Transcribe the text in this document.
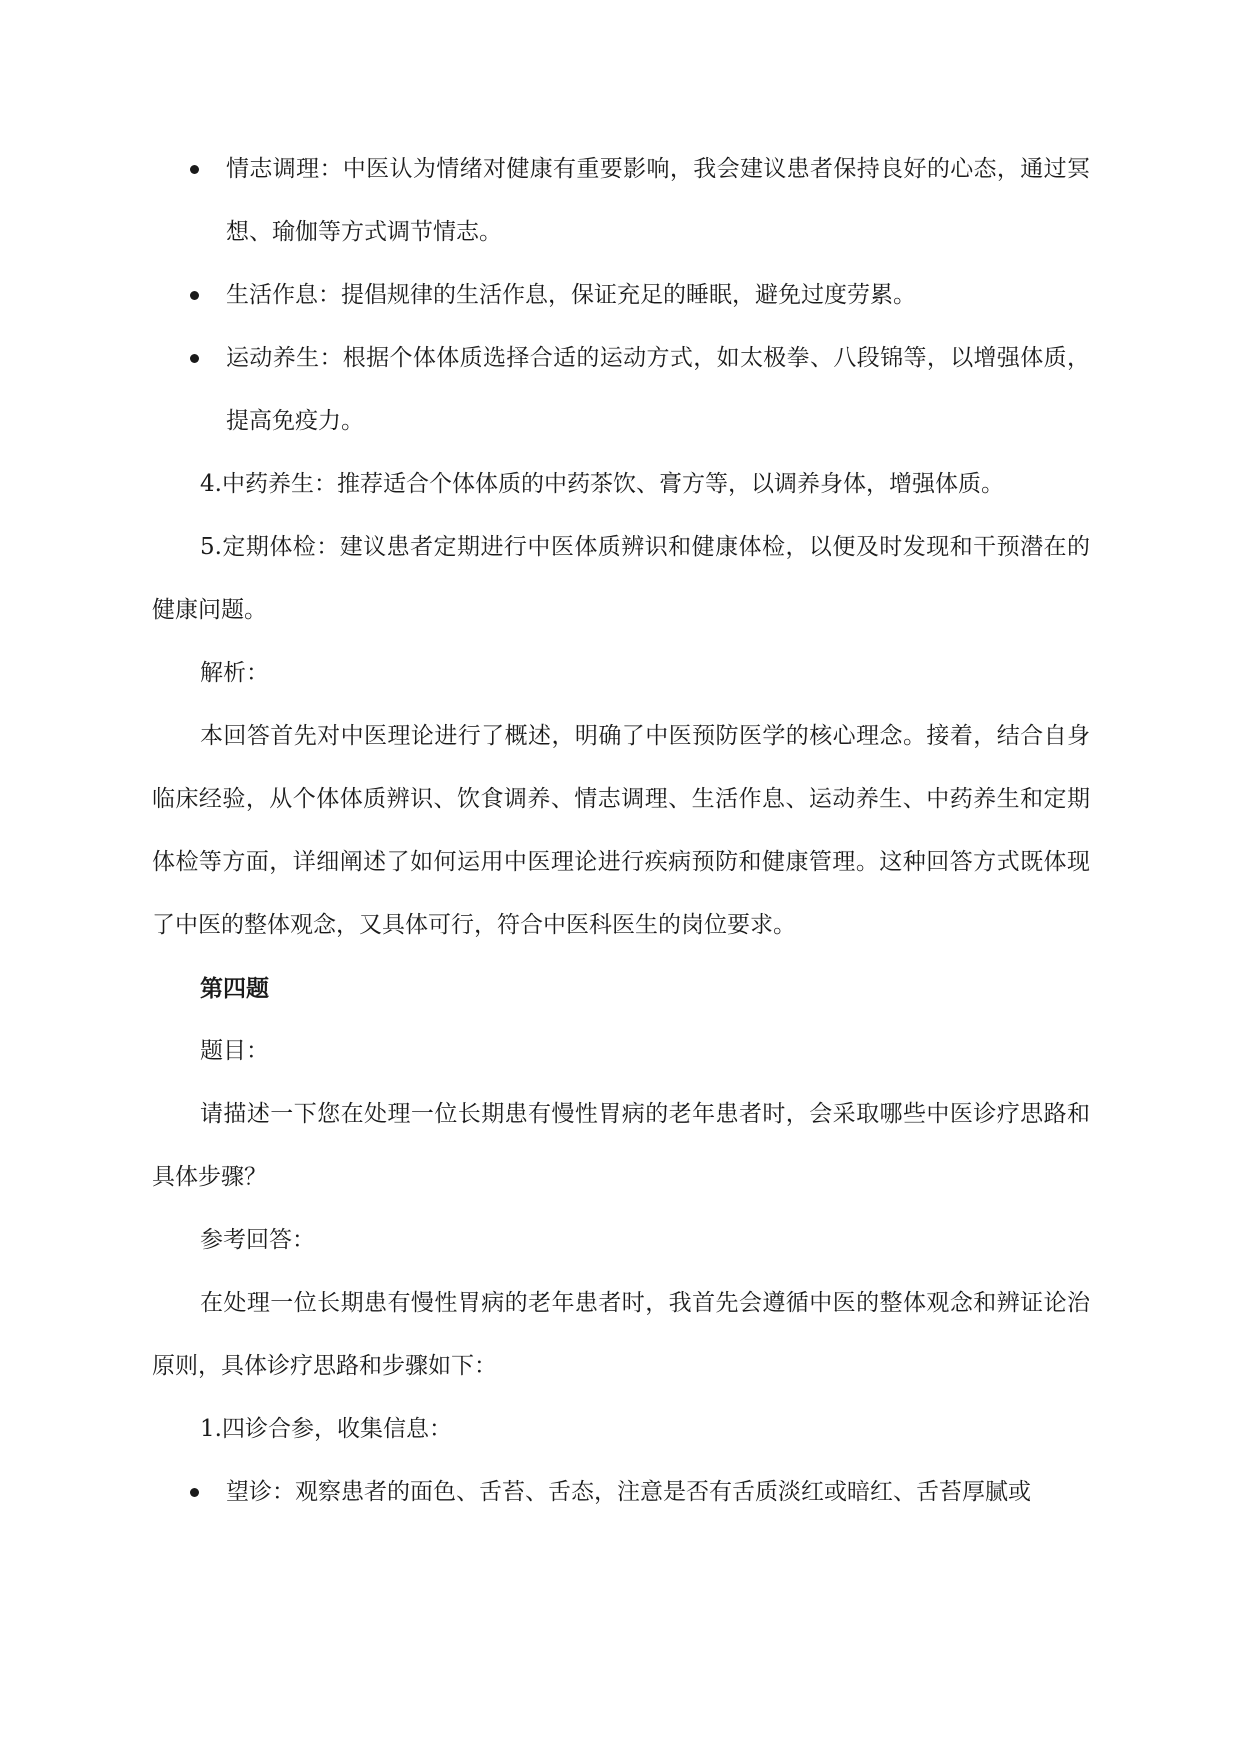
情志调理：中医认为情绪对健康有重要影响，我会建议患者保持良好的心态，通过冥想、瑜伽等方式调节情志。
生活作息：提倡规律的生活作息，保证充足的睡眠，避免过度劳累。
运动养生：根据个体体质选择合适的运动方式，如太极拳、八段锦等，以增强体质，提高免疫力。

4.中药养生：推荐适合个体体质的中药茶饮、膏方等，以调养身体，增强体质。

5.定期体检：建议患者定期进行中医体质辨识和健康体检，以便及时发现和干预潜在的健康问题。

解析：

本回答首先对中医理论进行了概述，明确了中医预防医学的核心理念。接着，结合自身临床经验，从个体体质辨识、饮食调养、情志调理、生活作息、运动养生、中药养生和定期体检等方面，详细阐述了如何运用中医理论进行疾病预防和健康管理。这种回答方式既体现了中医的整体观念，又具体可行，符合中医科医生的岗位要求。

第四题

题目：

请描述一下您在处理一位长期患有慢性胃病的老年患者时，会采取哪些中医诊疗思路和具体步骤？

参考回答：

在处理一位长期患有慢性胃病的老年患者时，我首先会遵循中医的整体观念和辨证论治原则，具体诊疗思路和步骤如下：

1.四诊合参，收集信息：

望诊：观察患者的面色、舌苔、舌态，注意是否有舌质淡红或暗红、舌苔厚腻或
